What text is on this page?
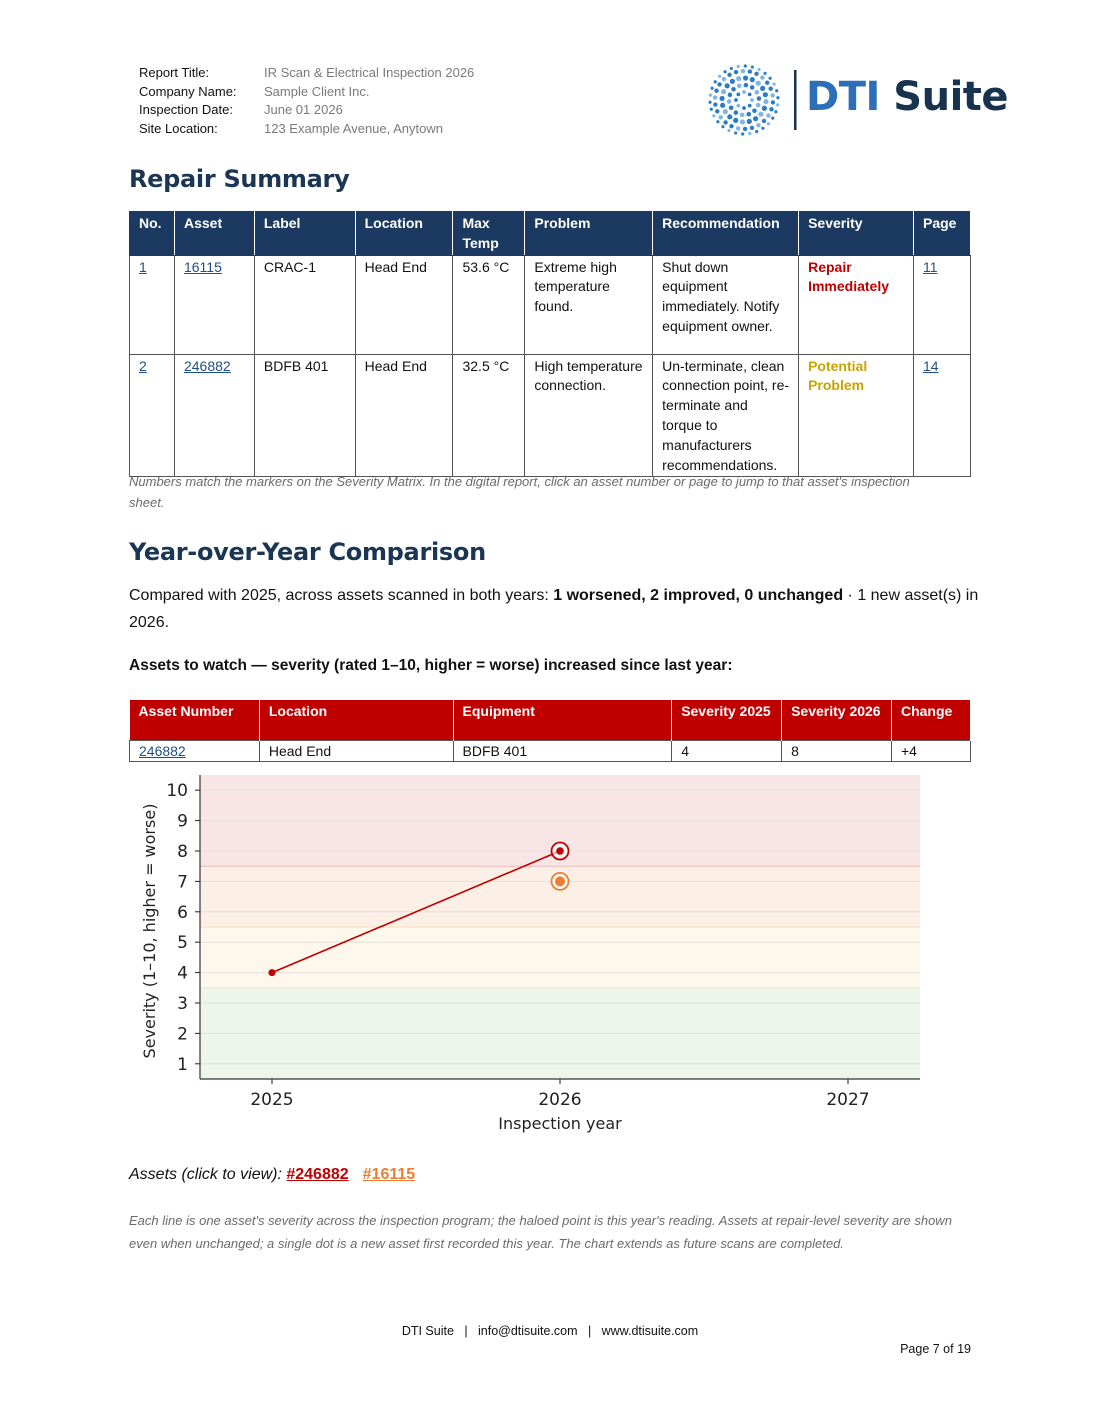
Report Title:	IR Scan & Electrical Inspection 2026
Company Name:	Sample Client Inc.
Inspection Date:	June 01 2026
Site Location:	123 Example Avenue, Anytown
DTI Suite
Repair Summary
No.	Asset	Label	Location	Max Temp	Problem	Recommendation	Severity	Page
1	16115	CRAC-1	Head End	53.6 °C	Extreme high temperature found.	Shut down equipment immediately. Notify equipment owner.	Repair Immediately	11
2	246882	BDFB 401	Head End	32.5 °C	High temperature connection.	Un-terminate, clean connection point, re-terminate and torque to manufacturers recommendations.	Potential Problem	14
Numbers match the markers on the Severity Matrix. In the digital report, click an asset number or page to jump to that asset's inspection sheet.
Year-over-Year Comparison
Compared with 2025, across assets scanned in both years: 1 worsened, 2 improved, 0 unchanged · 1 new asset(s) in 2026.
Assets to watch — severity (rated 1–10, higher = worse) increased since last year:
Asset Number	Location	Equipment	Severity 2025	Severity 2026	Change
246882	Head End	BDFB 401	4	8	+4
1
2
3
4
5
6
7
8
9
10
2025	2026	2027
Inspection year
Severity (1–10, higher = worse)
Assets (click to view): #246882 #16115
Each line is one asset's severity across the inspection program; the haloed point is this year's reading. Assets at repair-level severity are shown even when unchanged; a single dot is a new asset first recorded this year. The chart extends as future scans are completed.
DTI Suite   |   info@dtisuite.com   |   www.dtisuite.com
Page 7 of 19
